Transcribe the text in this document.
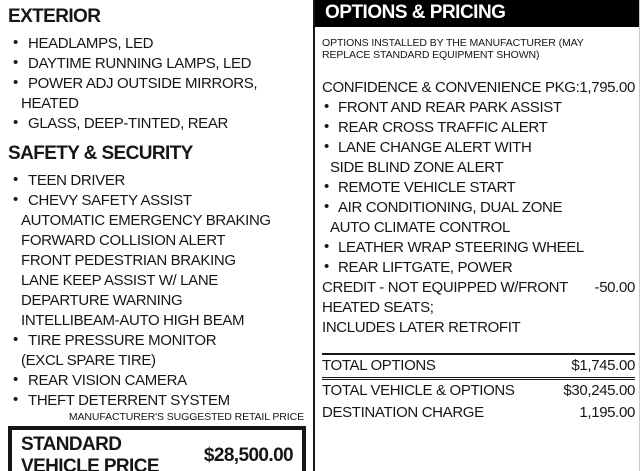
EXTERIOR
• HEADLAMPS, LED
• DAYTIME RUNNING LAMPS, LED
• POWER ADJ OUTSIDE MIRRORS,
HEATED
• GLASS, DEEP-TINTED, REAR
SAFETY & SECURITY
• TEEN DRIVER
• CHEVY SAFETY ASSIST
AUTOMATIC EMERGENCY BRAKING
FORWARD COLLISION ALERT
FRONT PEDESTRIAN BRAKING
LANE KEEP ASSIST W/ LANE
DEPARTURE WARNING
INTELLIBEAM-AUTO HIGH BEAM
• TIRE PRESSURE MONITOR
(EXCL SPARE TIRE)
• REAR VISION CAMERA
• THEFT DETERRENT SYSTEM
MANUFACTURER'S SUGGESTED RETAIL PRICE
STANDARD VEHICLE PRICE
$28,500.00
OPTIONS & PRICING
OPTIONS INSTALLED BY THE MANUFACTURER (MAY REPLACE STANDARD EQUIPMENT SHOWN)
CONFIDENCE & CONVENIENCE PKG: 1,795.00
• FRONT AND REAR PARK ASSIST
• REAR CROSS TRAFFIC ALERT
• LANE CHANGE ALERT WITH
SIDE BLIND ZONE ALERT
• REMOTE VEHICLE START
• AIR CONDITIONING, DUAL ZONE
AUTO CLIMATE CONTROL
• LEATHER WRAP STEERING WHEEL
• REAR LIFTGATE, POWER
CREDIT - NOT EQUIPPED W/FRONT -50.00
HEATED SEATS;
INCLUDES LATER RETROFIT
TOTAL OPTIONS	$1,745.00
TOTAL VEHICLE & OPTIONS	$30,245.00
DESTINATION CHARGE	1,195.00
